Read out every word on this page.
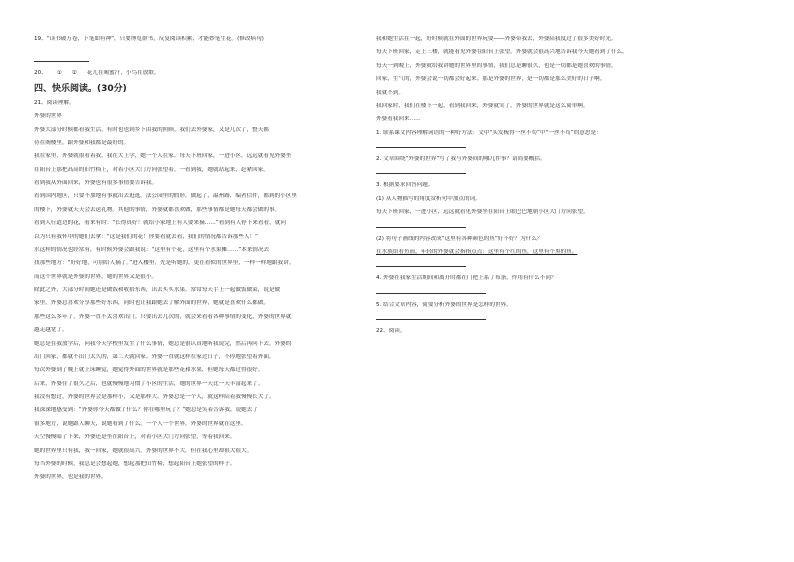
19、“读书破万卷，下笔如有神”，只要博览群书，反复阅读积累，才能妙笔生花。(修改病句)
20、 ① ② 花儿在喝蜜汁，小鸟在放歌。
四、快乐阅读。(30分)
21、阅读理解。
外婆的世界
外婆大部分时候都看我生活，有时也也到乡下由我的照顾。我们去外婆家，又是几次了，整天都
待在阁楼里，跟外婆和我都是最好的。
我在家里，外婆就很看着我。我在大上学，她一个人在家。每天下班回家，一进小区，远远就看见外婆坐
在阳台上那把高高的旧竹椅上，对着小区大门方向张望着。一看到我，她就站起来，赶紧回家。
看到我从外面回来，外婆也有很多事情要告诉我。
看到国内地区，只要不加地有事就出去逛逛。法公园里的假形，做起了，温州路，编者信件，都到的小区里
的楼下，外婆就天天会去送礼物。其他的事情，外婆就都喜欢做，那些事情都是她每天都会做的事。
看到人行道边的花，看来有时：“长得真好！就给小家地上有人要来摘……”看到有人停下来看看，就问
以为只有我怀中的她们去拿：“这是我们的花！你要看就去看，我们的情况都告诉那些人！”
水这样的情况也经常有，有时候外婆会跟我说：“这里有个花，这里有个水果摊……”本来情况去
找那些地方：“好好地，可别给人摘了。”进入楼里，先是听她的，更在看似的世界里，一样一样地跟我讲。
而这个世界就是外婆的世界，她的世界又是很小。
除此之外，大部分时间她还是做饭和收拾东西，出去买买水果。常常每天手上一起做饭做菜，说是做
家里，外婆总喜欢分享那些好东西，同时也让我跟她去了解外面的世界，她就是喜欢什么都做。
那些这么多年了，外婆一直不太喜欢出门。只要出去几次的，就会来看看各种事情的变化，外婆的世界就
越走越宽了。
她总是在我放学后，问我今天学校里发生了什么事情，她总是很认真地听我说完，然后再问下去。外婆的
出门回家，都就不出门太久的，第二天就回家。外婆一直就这样在家过日子，不停地张望着外面。
每次外婆到了晚上就上床睡觉，她觉得外面的世界就是那些花和水果，但她每天都过得很好。
后来，外婆住了很久之后，也就慢慢地习惯了小区的生活，她的世界一天比一天丰富起来了。
我没有想过，外婆的世界会是那样小，又是那样大。外婆总是一个人，就这样陪着我慢慢长大了。
我深深地感受到：“外婆你今天都做了什么？你在哪里玩了？”她总是笑着告诉我，说她去了
很多地方，说她跟人聊天，说她看到了什么。一个人一个世界，外婆的世界就在这里。
天空慢慢暗了下来，外婆还是坐在阳台上，对着小区大门方向张望，等着我回来。
她的世界里只有我，我一回家，她就很高兴。外婆的世界不大，但在我心里却很大很大。
每当外婆的时候，我总是会想起她，想起那把旧竹椅，想起阳台上她张望的样子。
外婆的世界，也是我的世界。
我和她生活在一起，好时候就在外面的世界玩耍——外婆带我去，外婆陪我度过了很多美好时光。
每天下班回家，走上三楼，就能看见外婆在阳台上张望。外婆就会很高兴地告诉我今天她看到了什么。
每天一到晚上，外婆就给我讲她的世界里的事情，我们总是聊很久，也是一切都是她喜欢的事情。
回家，生气的，外婆会说一切都会好起来。那是外婆的世界，是一切都是那么美好的日子啊。
我就不到。
我回家时，我们在楼下一起，看到我回来，外婆就笑了。外婆的世界就是这么简单啊。
外婆看我回来……
1. 联系课文内容理解词语的一种好方法：文中“头发梳得一丝不苟”中“一丝不苟”的意思是：
2. 文章围绕“外婆的世界”写了我与外婆间的哪几件事？请简要概括。
3. 根据要求回答问题。
(1) 从人物描写的角度赏析句中加点的词。
每天下班回家，一进小区，远远就看见外婆坐在阳台上眼巴巴地朝小区大门方向张望。
(2) 将句子画线的内容改成“这里有各种颜色的鱼”好不好？为什么？
在水族馆看鱼前，年轻的外婆就会指指点点：这里有个红的鱼，这里有个黑的鱼。
4. 外婆在我家生活期间和离开时都在门把上系了布条，作用有什么不同？
5. 结合文章内容，简要分析外婆的世界是怎样的世界。
22、阅读。
